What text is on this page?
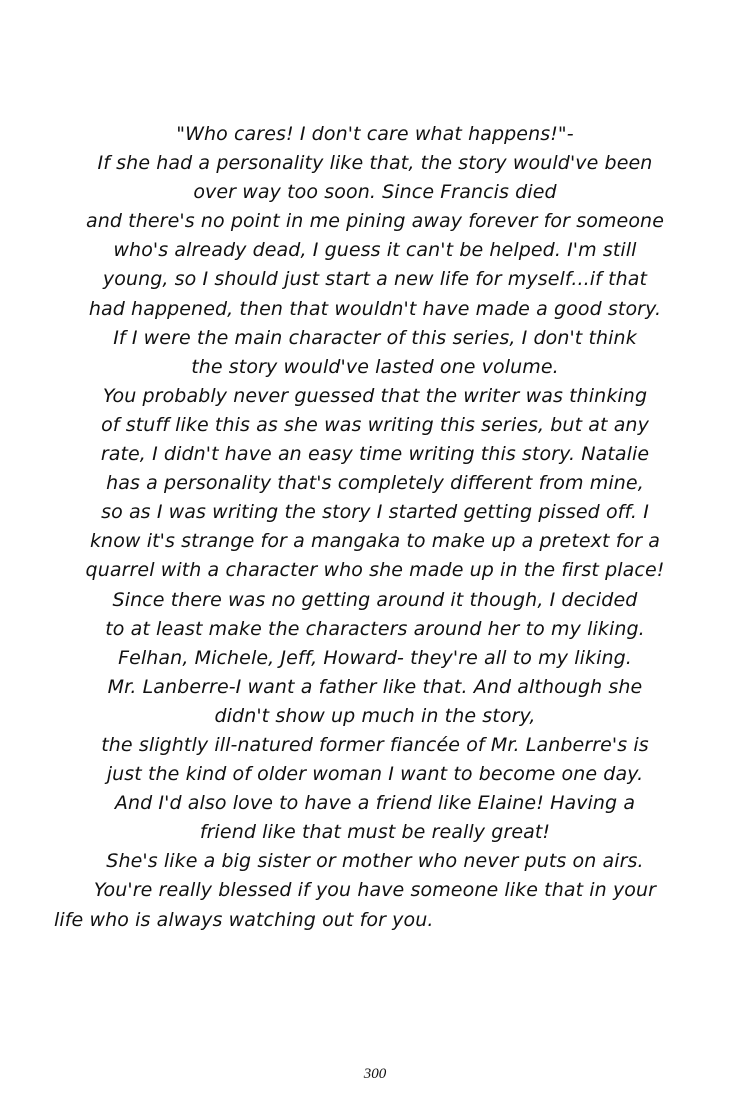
"Who cares! I don't care what happens!"-
If she had a personality like that, the story would've been
over way too soon. Since Francis died
and there's no point in me pining away forever for someone
who's already dead, I guess it can't be helped. I'm still
young, so I should just start a new life for myself...if that
had happened, then that wouldn't have made a good story.
If I were the main character of this series, I don't think
the story would've lasted one volume.
You probably never guessed that the writer was thinking
of stuff like this as she was writing this series, but at any
rate, I didn't have an easy time writing this story. Natalie
has a personality that's completely different from mine,
so as I was writing the story I started getting pissed off. I
know it's strange for a mangaka to make up a pretext for a
quarrel with a character who she made up in the first place!
Since there was no getting around it though, I decided
to at least make the characters around her to my liking.
Felhan, Michele, Jeff, Howard- they're all to my liking.
Mr. Lanberre-I want a father like that. And although she
didn't show up much in the story,
the slightly ill-natured former fiancée of Mr. Lanberre's is
just the kind of older woman I want to become one day.
And I'd also love to have a friend like Elaine! Having a
friend like that must be really great!
She's like a big sister or mother who never puts on airs.
You're really blessed if you have someone like that in your
life who is always watching out for you.
300
